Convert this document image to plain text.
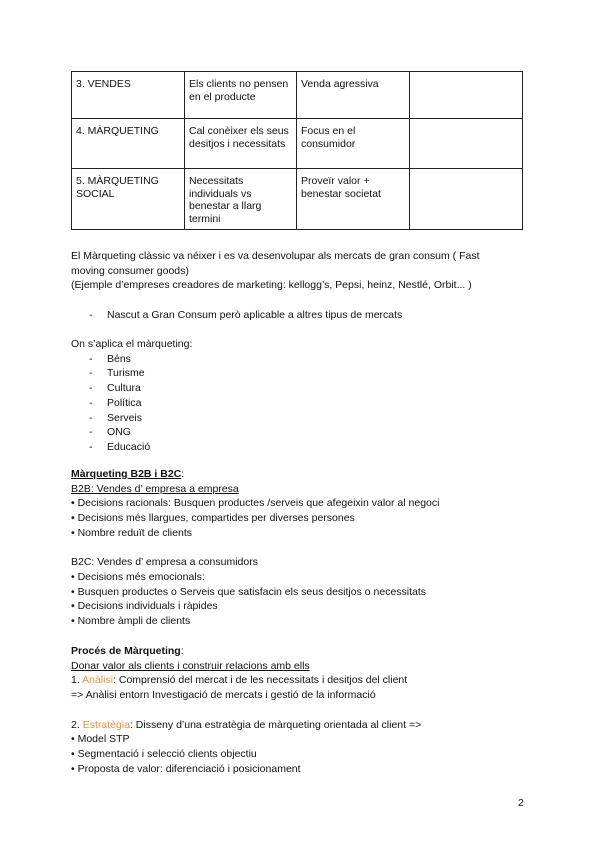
3. VENDES	Els clients no pensen en el producte	Venda agressiva	
4. MÀRQUETING	Cal conèixer els seus desitjos i necessitats	Focus en el consumidor	
5. MÀRQUETING SOCIAL	Necessitats individuals vs benestar a llarg termini	Proveïr valor + benestar societat	
El Màrqueting clàssic va néixer i es va desenvolupar als mercats de gran consum ( Fast
moving consumer goods)
(Ejemple d’empreses creadores de marketing: kellogg’s, Pepsi, heinz, Nestlé, Orbit... )
- Nascut a Gran Consum però aplicable a altres tipus de mercats
On s’aplica el màrqueting:
- Béns
- Turisme
- Cultura
- Política
- Serveis
- ONG
- Educació
Màrqueting B2B i B2C:
B2B: Vendes d’ empresa a empresa
• Decisions racionals: Busquen productes /serveis que afegeixin valor al negoci
• Decisions més llargues, compartides per diverses persones
• Nombre reduït de clients
B2C: Vendes d’ empresa a consumidors
• Decisions més emocionals:
• Busquen productes o Serveis que satisfacin els seus desitjos o necessitats
• Decisions individuals i ràpides
• Nombre àmpli de clients
Procés de Màrqueting:
Donar valor als clients i construir relacions amb ells
1. Anàlisi: Comprensió del mercat i de les necessitats i desitjos del client
=> Anàlisi entorn Investigació de mercats i gestió de la informació
2. Estratègia: Disseny d’una estratègia de màrqueting orientada al client =>
• Model STP
• Segmentació i selecció clients objectiu
• Proposta de valor: diferenciació i posicionament
2
